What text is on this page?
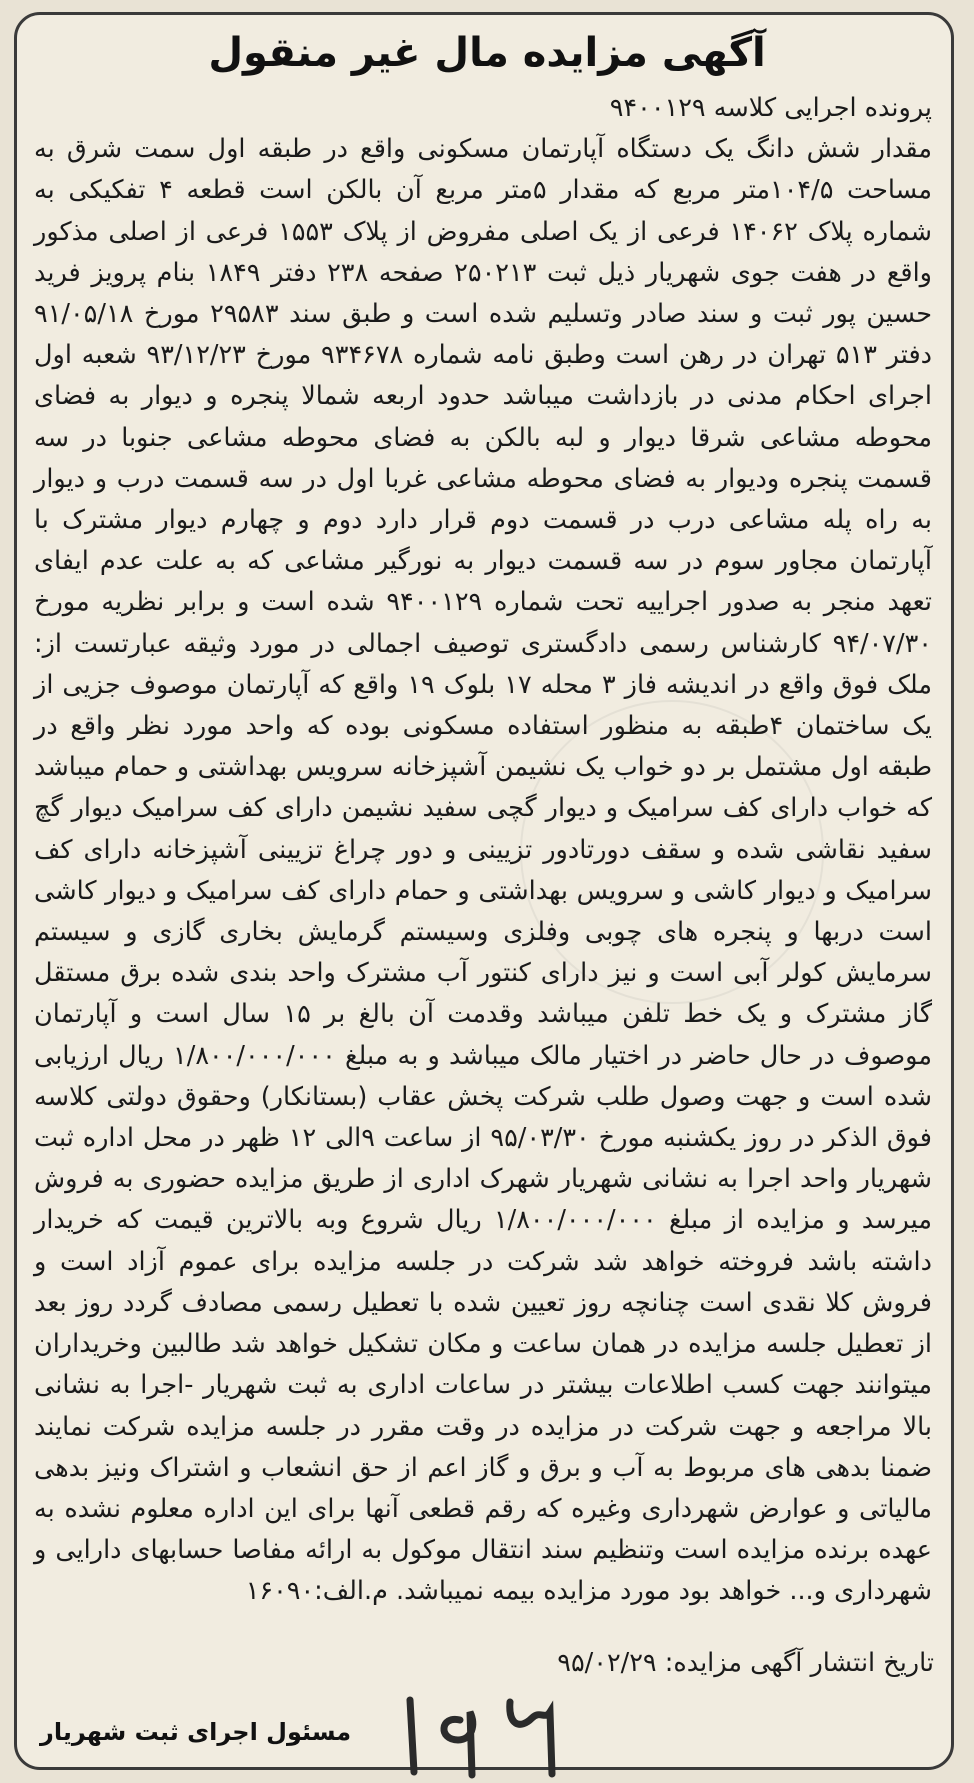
آگهی مزایده مال غیر منقول

پرونده اجرایی کلاسه ۹۴۰۰۱۲۹

مقدار شش دانگ یک دستگاه آپارتمان مسکونی واقع در طبقه اول سمت شرق به مساحت ۱۰۴/۵متر مربع که مقدار ۵متر مربع آن بالکن است قطعه ۴ تفکیکی به شماره پلاک ۱۴۰۶۲ فرعی از یک اصلی مفروض از پلاک ۱۵۵۳ فرعی از اصلی مذکور واقع در هفت جوی شهریار ذیل ثبت ۲۵۰۲۱۳ صفحه ۲۳۸ دفتر ۱۸۴۹ بنام پرویز فرید حسین پور ثبت و سند صادر وتسلیم شده است و طبق سند ۲۹۵۸۳ مورخ ۹۱/۰۵/۱۸ دفتر ۵۱۳ تهران در رهن است وطبق نامه شماره ۹۳۴۶۷۸ مورخ ۹۳/۱۲/۲۳ شعبه اول اجرای احکام مدنی در بازداشت میباشد حدود اربعه شمالا پنجره و دیوار به فضای محوطه مشاعی شرقا دیوار و لبه بالکن به فضای محوطه مشاعی جنوبا در سه قسمت پنجره ودیوار به فضای محوطه مشاعی غربا اول در سه قسمت درب و دیوار به راه پله مشاعی درب در قسمت دوم قرار دارد دوم و چهارم دیوار مشترک با آپارتمان مجاور سوم در سه قسمت دیوار به نورگیر مشاعی که به علت عدم ایفای تعهد منجر به صدور اجراییه تحت شماره ۹۴۰۰۱۲۹ شده است و برابر نظریه مورخ ۹۴/۰۷/۳۰ کارشناس رسمی دادگستری توصیف اجمالی در مورد وثیقه عبارتست از: ملک فوق واقع در اندیشه فاز ۳ محله ۱۷ بلوک ۱۹ واقع که آپارتمان موصوف جزیی از یک ساختمان ۴طبقه به منظور استفاده مسکونی بوده که واحد مورد نظر واقع در طبقه اول مشتمل بر دو خواب یک نشیمن آشپزخانه سرویس بهداشتی و حمام میباشد که خواب دارای کف سرامیک و دیوار گچی سفید نشیمن دارای کف سرامیک دیوار گچ سفید نقاشی شده و سقف دورتادور تزیینی و دور چراغ تزیینی آشپزخانه دارای کف سرامیک و دیوار کاشی و سرویس بهداشتی و حمام دارای کف سرامیک و دیوار کاشی است دربها و پنجره های چوبی وفلزی وسیستم گرمایش بخاری گازی و سیستم سرمایش کولر آبی است و نیز دارای کنتور آب مشترک واحد بندی شده برق مستقل گاز مشترک و یک خط تلفن میباشد وقدمت آن بالغ بر ۱۵ سال است و آپارتمان موصوف در حال حاضر در اختیار مالک میباشد و به مبلغ ۱/۸۰۰/۰۰۰/۰۰۰ ریال ارزیابی شده است و جهت وصول طلب شرکت پخش عقاب (بستانکار) وحقوق دولتی کلاسه فوق الذکر در روز یکشنبه مورخ ۹۵/۰۳/۳۰ از ساعت ۹الی ۱۲ ظهر در محل اداره ثبت شهریار واحد اجرا به نشانی شهریار شهرک اداری از طریق مزایده حضوری به فروش میرسد و مزایده از مبلغ ۱/۸۰۰/۰۰۰/۰۰۰ ریال شروع وبه بالاترین قیمت که خریدار داشته باشد فروخته خواهد شد شرکت در جلسه مزایده برای عموم آزاد است و فروش کلا نقدی است چنانچه روز تعیین شده با تعطیل رسمی مصادف گردد روز بعد از تعطیل جلسه مزایده در همان ساعت و مکان تشکیل خواهد شد طالبین وخریداران میتوانند جهت کسب اطلاعات بیشتر در ساعات اداری به ثبت شهریار -اجرا به نشانی بالا مراجعه و جهت شرکت در مزایده در وقت مقرر در جلسه مزایده شرکت نمایند ضمنا بدهی های مربوط به آب و برق و گاز اعم از حق انشعاب و اشتراک ونیز بدهی مالیاتی و عوارض شهرداری وغیره که رقم قطعی آنها برای این اداره معلوم نشده به عهده برنده مزایده است وتنظیم سند انتقال موکول به ارائه مفاصا حسابهای دارایی و شهرداری و... خواهد بود مورد مزایده بیمه نمیباشد. م.الف:۱۶۰۹۰

تاریخ انتشار آگهی مزایده: ۹۵/۰۲/۲۹
مسئول اجرای ثبت شهریار
